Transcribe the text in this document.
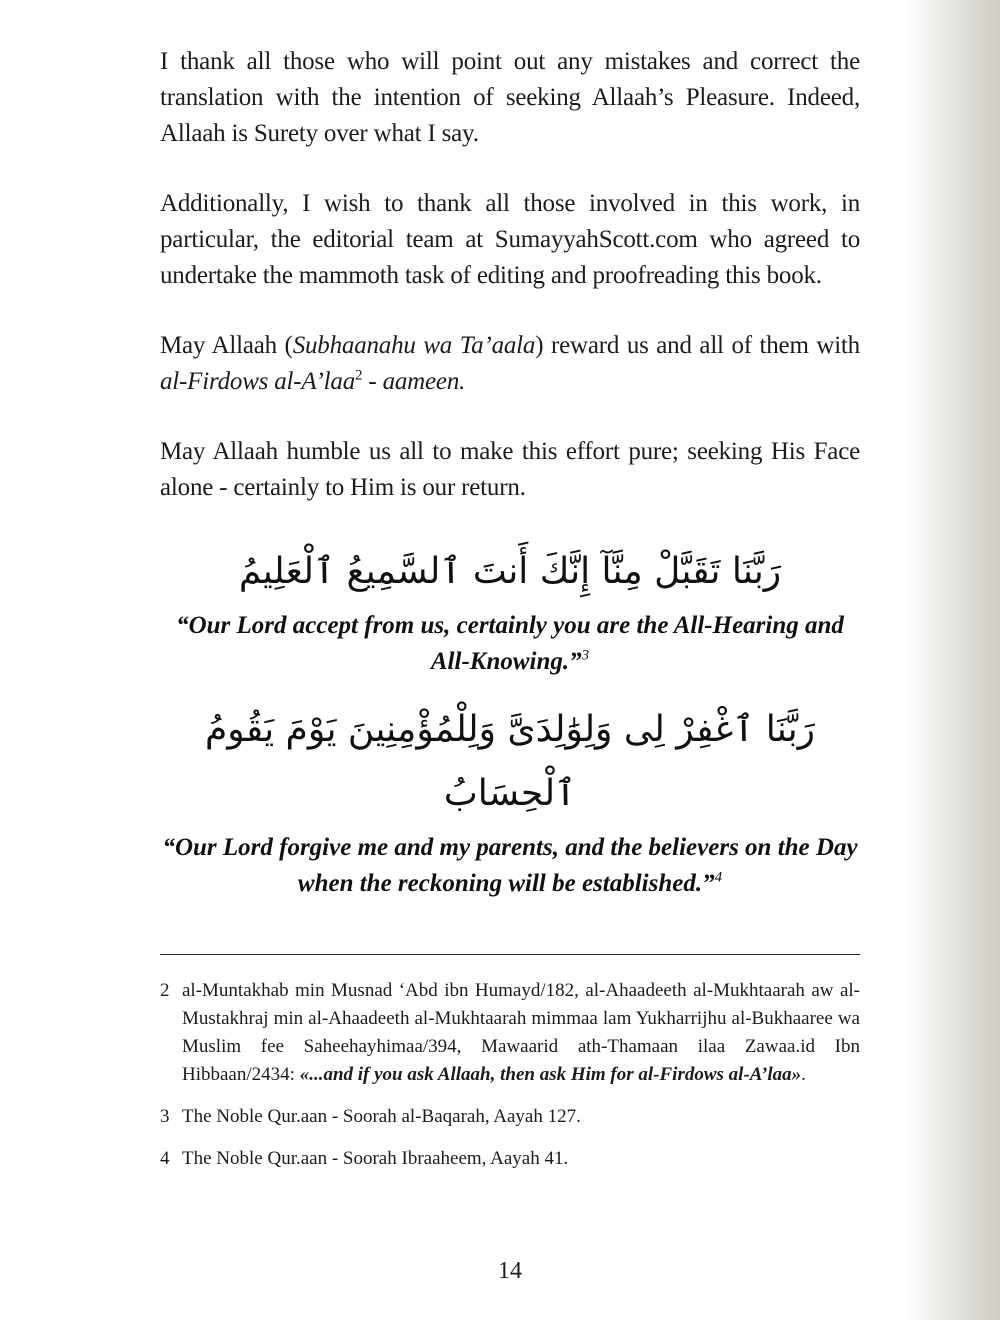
I thank all those who will point out any mistakes and correct the translation with the intention of seeking Allaah’s Pleasure. Indeed, Allaah is Surety over what I say.

Additionally, I wish to thank all those involved in this work, in particular, the editorial team at SumayyahScott.com who agreed to undertake the mammoth task of editing and proofreading this book.

May Allaah (Subhaanahu wa Ta’aala) reward us and all of them with al-Firdows al-A’laa$^2$ - aameen.

May Allaah humble us all to make this effort pure; seeking His Face alone - certainly to Him is our return.

رَبَّنَا تَقَبَّلْ مِنَّآ إِنَّكَ أَنتَ ٱلسَّمِيعُ ٱلْعَلِيمُ

“Our Lord accept from us, certainly you are the All-Hearing and All-Knowing.”$^3$

رَبَّنَا ٱغْفِرْ لِى وَلِوَٰلِدَىَّ وَلِلْمُؤْمِنِينَ يَوْمَ يَقُومُ ٱلْحِسَابُ

“Our Lord forgive me and my parents, and the believers on the Day when the reckoning will be established.”$^4$

2 al-Muntakhab min Musnad ‘Abd ibn Humayd/182, al-Ahaadeeth al-Mukhtaarah aw al-Mustakhraj min al-Ahaadeeth al-Mukhtaarah mimmaa lam Yukharrijhu al-Bukhaaree wa Muslim fee Saheehayhimaa/394, Mawaarid ath-Thamaan ilaa Zawaa.id Ibn Hibbaan/2434: «...and if you ask Allaah, then ask Him for al-Firdows al-A’laa».
3 The Noble Qur.aan - Soorah al-Baqarah, Aayah 127.
4 The Noble Qur.aan - Soorah Ibraaheem, Aayah 41.
14
